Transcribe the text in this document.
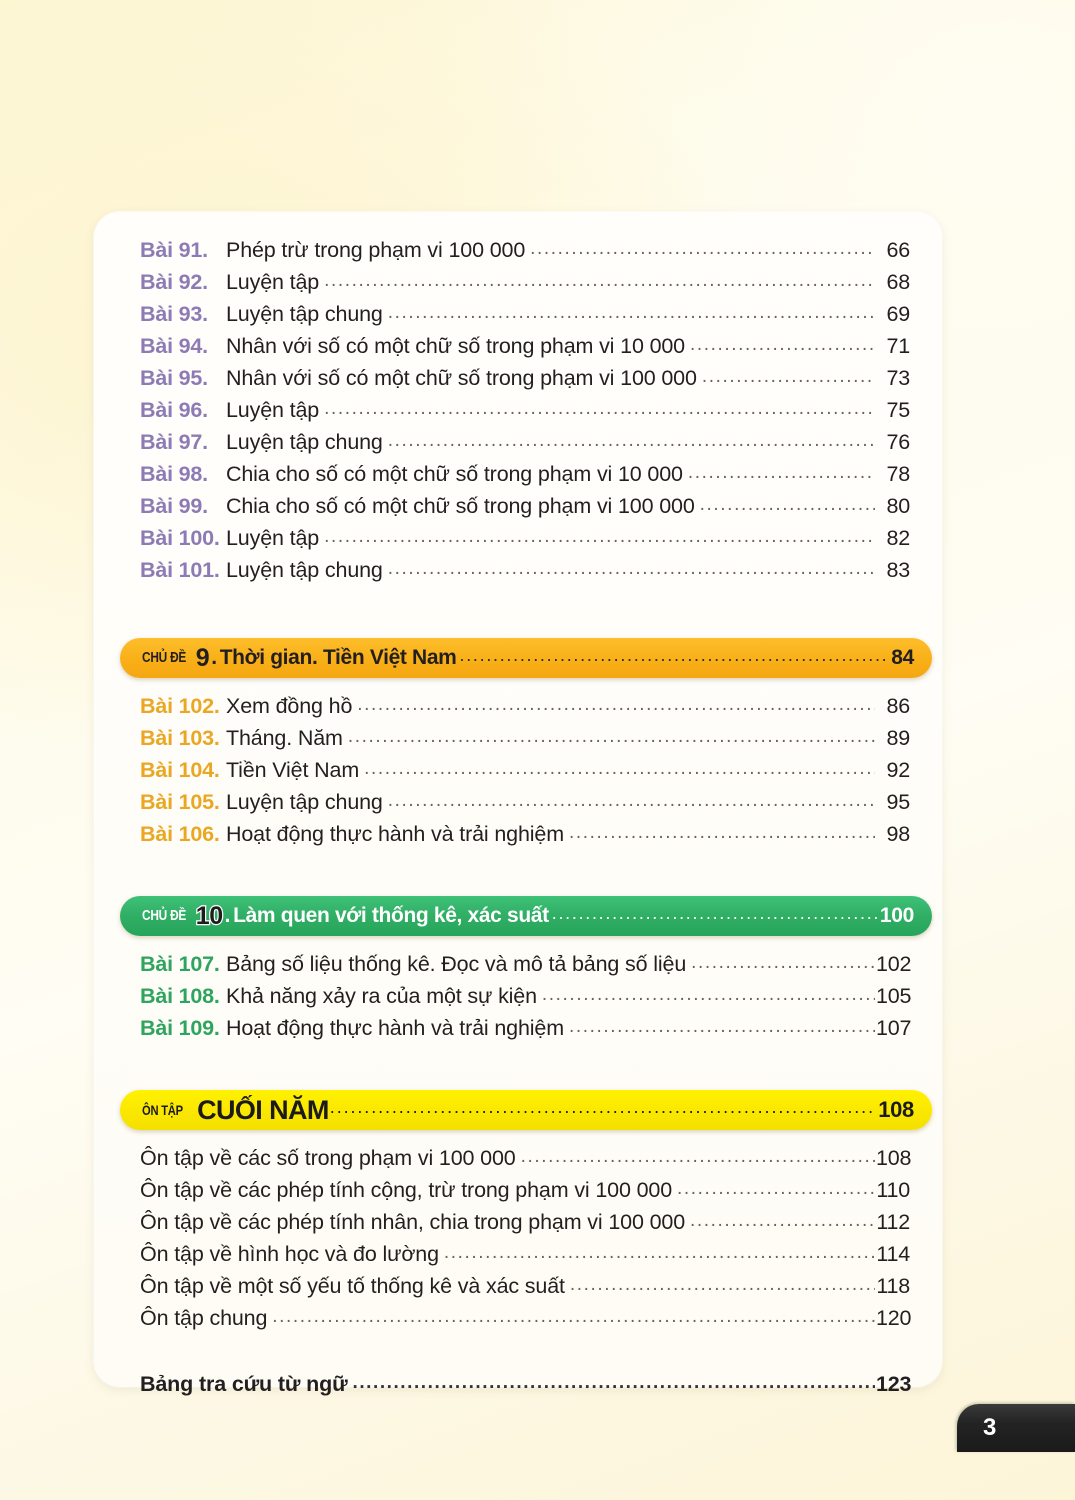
Bài 91. Phép trừ trong phạm vi 100 000 .....	66
Bài 92. Luyện tập .....	68
Bài 93. Luyện tập chung .....	69
Bài 94. Nhân với số có một chữ số trong phạm vi 10 000 .....	71
Bài 95. Nhân với số có một chữ số trong phạm vi 100 000 .....	73
Bài 96. Luyện tập .....	75
Bài 97. Luyện tập chung .....	76
Bài 98. Chia cho số có một chữ số trong phạm vi 10 000 .....	78
Bài 99. Chia cho số có một chữ số trong phạm vi 100 000 .....	80
Bài 100. Luyện tập .....	82
Bài 101. Luyện tập chung .....	83
CHỦ ĐỀ 9 . Thời gian. Tiền Việt Nam .....	84
Bài 102. Xem đồng hồ .....	86
Bài 103. Tháng. Năm .....	89
Bài 104. Tiền Việt Nam .....	92
Bài 105. Luyện tập chung .....	95
Bài 106. Hoạt động thực hành và trải nghiệm .....	98
CHỦ ĐỀ 10 . Làm quen với thống kê, xác suất .....	100
Bài 107. Bảng số liệu thống kê. Đọc và mô tả bảng số liệu .....	102
Bài 108. Khả năng xảy ra của một sự kiện .....	105
Bài 109. Hoạt động thực hành và trải nghiệm .....	107
ÔN TẬP CUỐI NĂM .....	108
Ôn tập về các số trong phạm vi 100 000 .....	108
Ôn tập về các phép tính cộng, trừ trong phạm vi 100 000 .....	110
Ôn tập về các phép tính nhân, chia trong phạm vi 100 000 .....	112
Ôn tập về hình học và đo lường .....	114
Ôn tập về một số yếu tố thống kê và xác suất .....	118
Ôn tập chung .....	120
Bảng tra cứu từ ngữ .....	123
3
